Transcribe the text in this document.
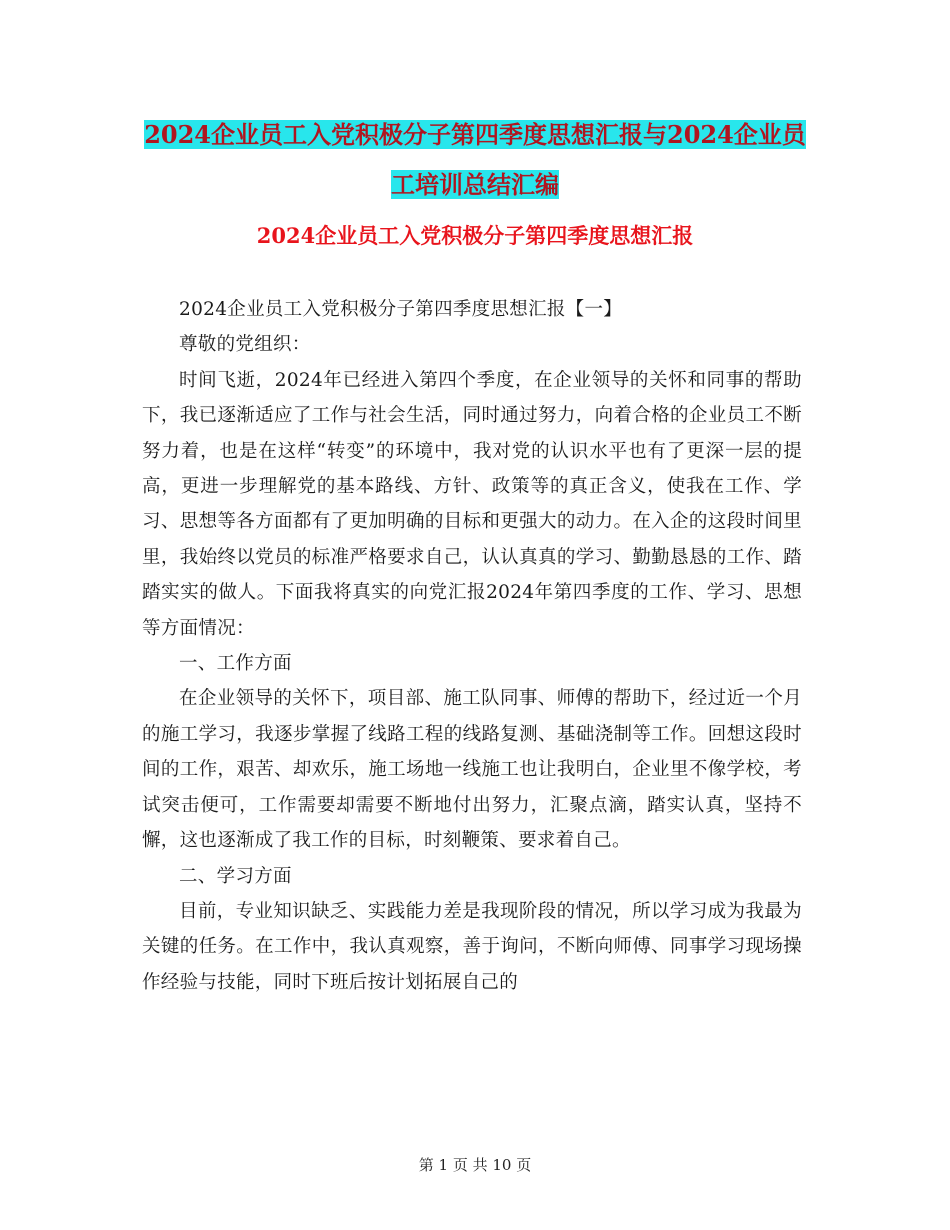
2024企业员工入党积极分子第四季度思想汇报与2024企业员工培训总结汇编
2024企业员工入党积极分子第四季度思想汇报

2024企业员工入党积极分子第四季度思想汇报【一】

尊敬的党组织：

时间飞逝，2024年已经进入第四个季度，在企业领导的关怀和同事的帮助下，我已逐渐适应了工作与社会生活，同时通过努力，向着合格的企业员工不断努力着，也是在这样“转变”的环境中，我对党的认识水平也有了更深一层的提高，更进一步理解党的基本路线、方针、政策等的真正含义，使我在工作、学习、思想等各方面都有了更加明确的目标和更强大的动力。在入企的这段时间里里，我始终以党员的标准严格要求自己，认认真真的学习、勤勤恳恳的工作、踏踏实实的做人。下面我将真实的向党汇报2024年第四季度的工作、学习、思想等方面情况：

一、工作方面

在企业领导的关怀下，项目部、施工队同事、师傅的帮助下，经过近一个月的施工学习，我逐步掌握了线路工程的线路复测、基础浇制等工作。回想这段时间的工作，艰苦、却欢乐，施工场地一线施工也让我明白，企业里不像学校，考试突击便可，工作需要却需要不断地付出努力，汇聚点滴，踏实认真，坚持不懈，这也逐渐成了我工作的目标，时刻鞭策、要求着自己。

二、学习方面

目前，专业知识缺乏、实践能力差是我现阶段的情况，所以学习成为我最为关键的任务。在工作中，我认真观察，善于询问，不断向师傅、同事学习现场操作经验与技能，同时下班后按计划拓展自己的

第 1 页 共 10 页
